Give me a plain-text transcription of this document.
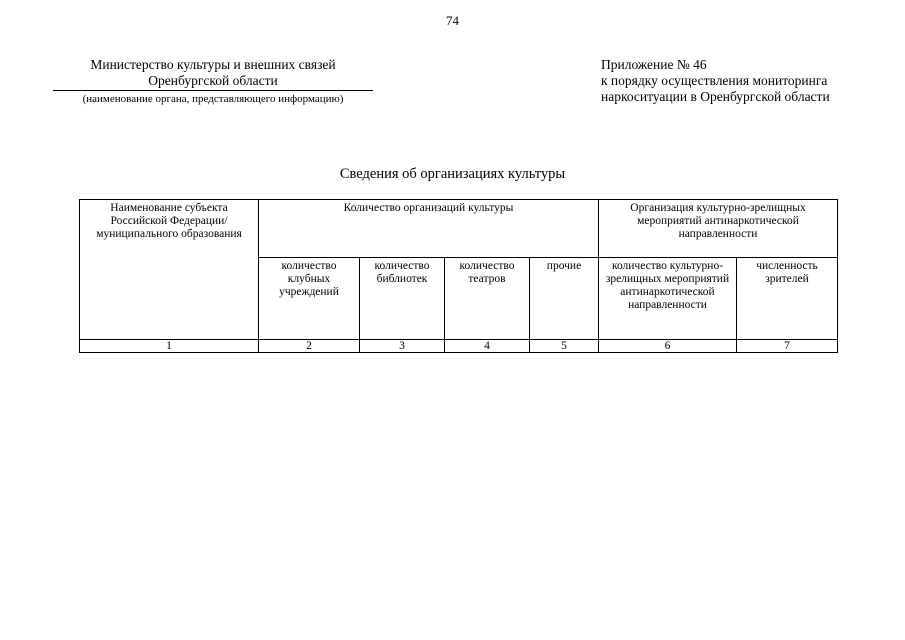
74
Министерство культуры и внешних связей
Оренбургской области
(наименование органа, представляющего информацию)
Приложение № 46
к порядку осуществления мониторинга
наркоситуации в Оренбургской области
Сведения об организациях культуры
Наименование субъекта Российской Федерации/ муниципального образования	Количество организаций культуры				Организация культурно-зрелищных мероприятий антинаркотической направленности	
	количество клубных учреждений	количество библиотек	количество театров	прочие	количество культурно-зрелищных мероприятий антинаркотической направленности	численность зрителей
1	2	3	4	5	6	7
